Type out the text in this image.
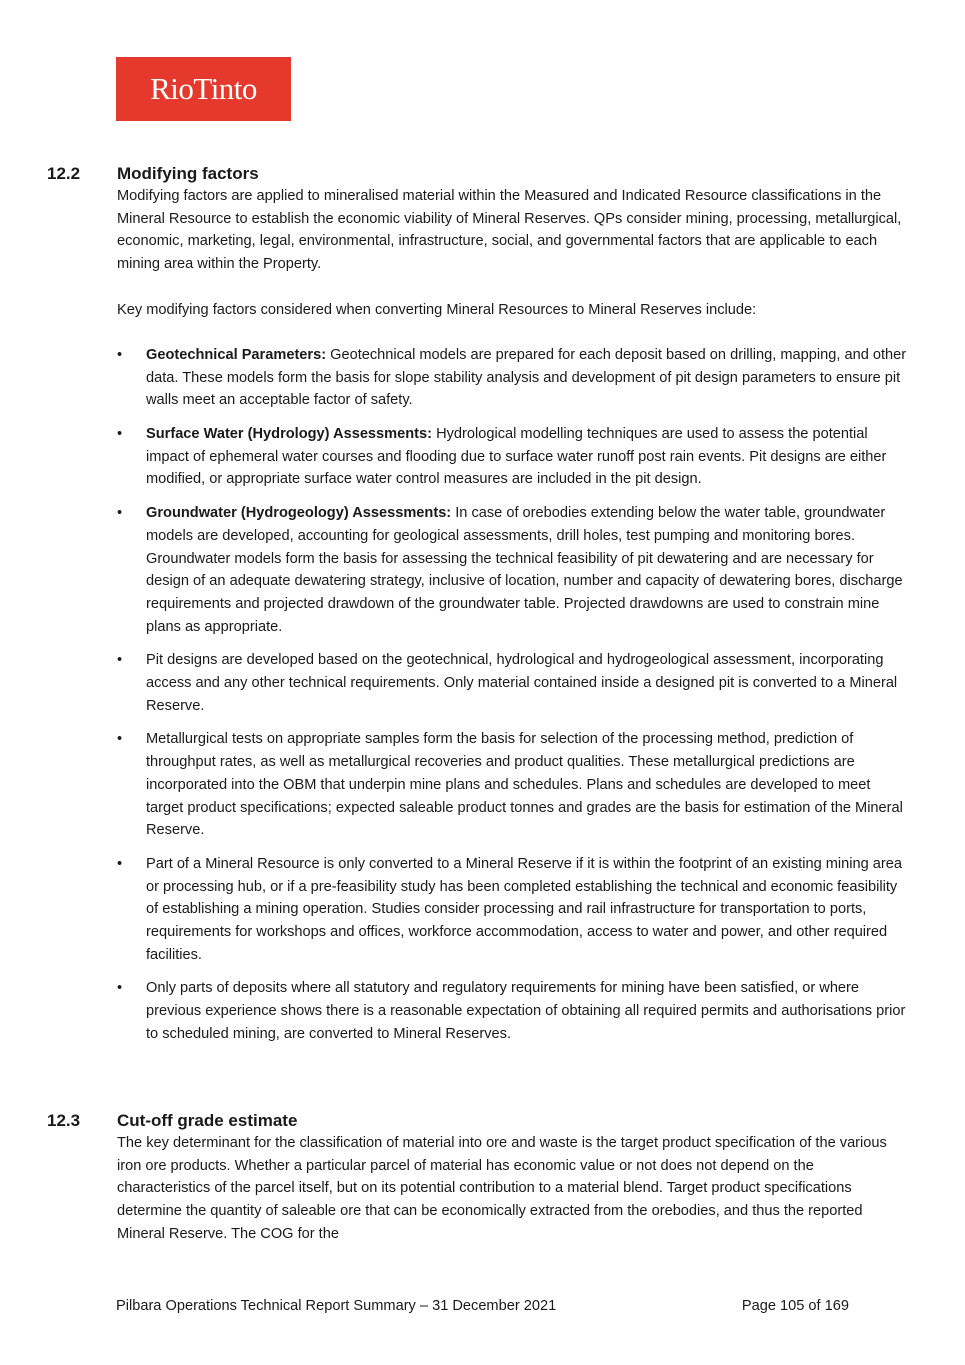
RioTinto
12.2	Modifying factors

Modifying factors are applied to mineralised material within the Measured and Indicated Resource classifications in the Mineral Resource to establish the economic viability of Mineral Reserves. QPs consider mining, processing, metallurgical, economic, marketing, legal, environmental, infrastructure, social, and governmental factors that are applicable to each mining area within the Property.

Key modifying factors considered when converting Mineral Resources to Mineral Reserves include:

• Geotechnical Parameters: Geotechnical models are prepared for each deposit based on drilling, mapping, and other data. These models form the basis for slope stability analysis and development of pit design parameters to ensure pit walls meet an acceptable factor of safety.
• Surface Water (Hydrology) Assessments: Hydrological modelling techniques are used to assess the potential impact of ephemeral water courses and flooding due to surface water runoff post rain events. Pit designs are either modified, or appropriate surface water control measures are included in the pit design.
• Groundwater (Hydrogeology) Assessments: In case of orebodies extending below the water table, groundwater models are developed, accounting for geological assessments, drill holes, test pumping and monitoring bores. Groundwater models form the basis for assessing the technical feasibility of pit dewatering and are necessary for design of an adequate dewatering strategy, inclusive of location, number and capacity of dewatering bores, discharge requirements and projected drawdown of the groundwater table. Projected drawdowns are used to constrain mine plans as appropriate.
• Pit designs are developed based on the geotechnical, hydrological and hydrogeological assessment, incorporating access and any other technical requirements. Only material contained inside a designed pit is converted to a Mineral Reserve.
• Metallurgical tests on appropriate samples form the basis for selection of the processing method, prediction of throughput rates, as well as metallurgical recoveries and product qualities. These metallurgical predictions are incorporated into the OBM that underpin mine plans and schedules. Plans and schedules are developed to meet target product specifications; expected saleable product tonnes and grades are the basis for estimation of the Mineral Reserve.
• Part of a Mineral Resource is only converted to a Mineral Reserve if it is within the footprint of an existing mining area or processing hub, or if a pre-feasibility study has been completed establishing the technical and economic feasibility of establishing a mining operation. Studies consider processing and rail infrastructure for transportation to ports, requirements for workshops and offices, workforce accommodation, access to water and power, and other required facilities.
• Only parts of deposits where all statutory and regulatory requirements for mining have been satisfied, or where previous experience shows there is a reasonable expectation of obtaining all required permits and authorisations prior to scheduled mining, are converted to Mineral Reserves.
12.3	Cut-off grade estimate

The key determinant for the classification of material into ore and waste is the target product specification of the various iron ore products. Whether a particular parcel of material has economic value or not does not depend on the characteristics of the parcel itself, but on its potential contribution to a material blend. Target product specifications determine the quantity of saleable ore that can be economically extracted from the orebodies, and thus the reported Mineral Reserve. The COG for the

Pilbara Operations Technical Report Summary – 31 December 2021	Page 105 of 169
